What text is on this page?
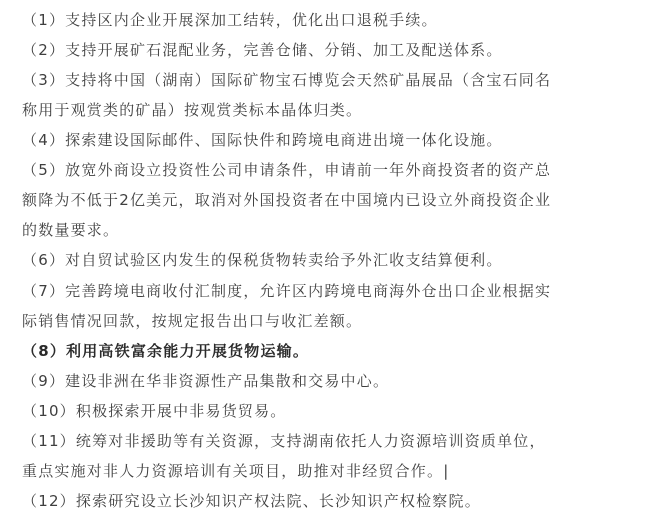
（1）支持区内企业开展深加工结转，优化出口退税手续。
（2）支持开展矿石混配业务，完善仓储、分销、加工及配送体系。
（3）支持将中国（湖南）国际矿物宝石博览会天然矿晶展品（含宝石同名
称用于观赏类的矿晶）按观赏类标本晶体归类。
（4）探索建设国际邮件、国际快件和跨境电商进出境一体化设施。
（5）放宽外商设立投资性公司申请条件，申请前一年外商投资者的资产总
额降为不低于2亿美元，取消对外国投资者在中国境内已设立外商投资企业
的数量要求。
（6）对自贸试验区内发生的保税货物转卖给予外汇收支结算便利。
（7）完善跨境电商收付汇制度，允许区内跨境电商海外仓出口企业根据实
际销售情况回款，按规定报告出口与收汇差额。
（8）利用高铁富余能力开展货物运输。
（9）建设非洲在华非资源性产品集散和交易中心。
（10）积极探索开展中非易货贸易。
（11）统筹对非援助等有关资源，支持湖南依托人力资源培训资质单位，
重点实施对非人力资源培训有关项目，助推对非经贸合作。|
（12）探索研究设立长沙知识产权法院、长沙知识产权检察院。
